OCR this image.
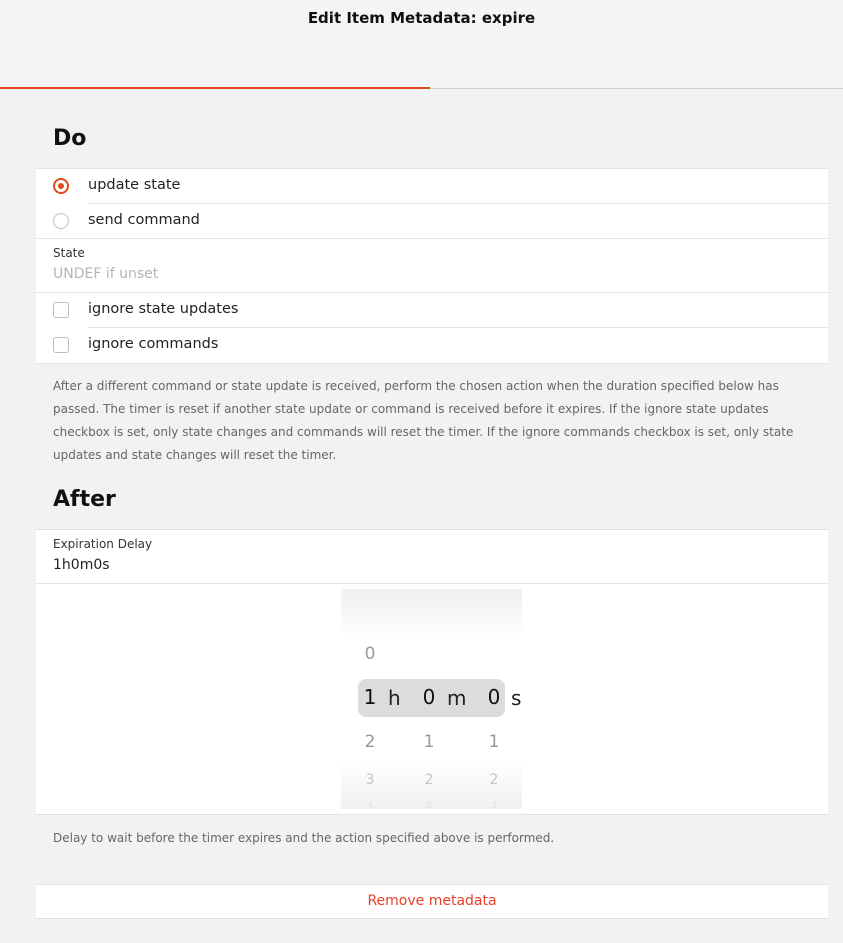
Edit Item Metadata: expire
Do
update state
send command
State
UNDEF if unset
ignore state updates
ignore commands
After a different command or state update is received, perform the chosen action when the duration specified below has passed. The timer is reset if another state update or command is received before it expires. If the ignore state updates checkbox is set, only state changes and commands will reset the timer. If the ignore commands checkbox is set, only state updates and state changes will reset the timer.
After
Expiration Delay
1h0m0s
0
1
2
3
4
h 0
1
2
3
m 0
1
2
3
s
Delay to wait before the timer expires and the action specified above is performed.
Remove metadata
